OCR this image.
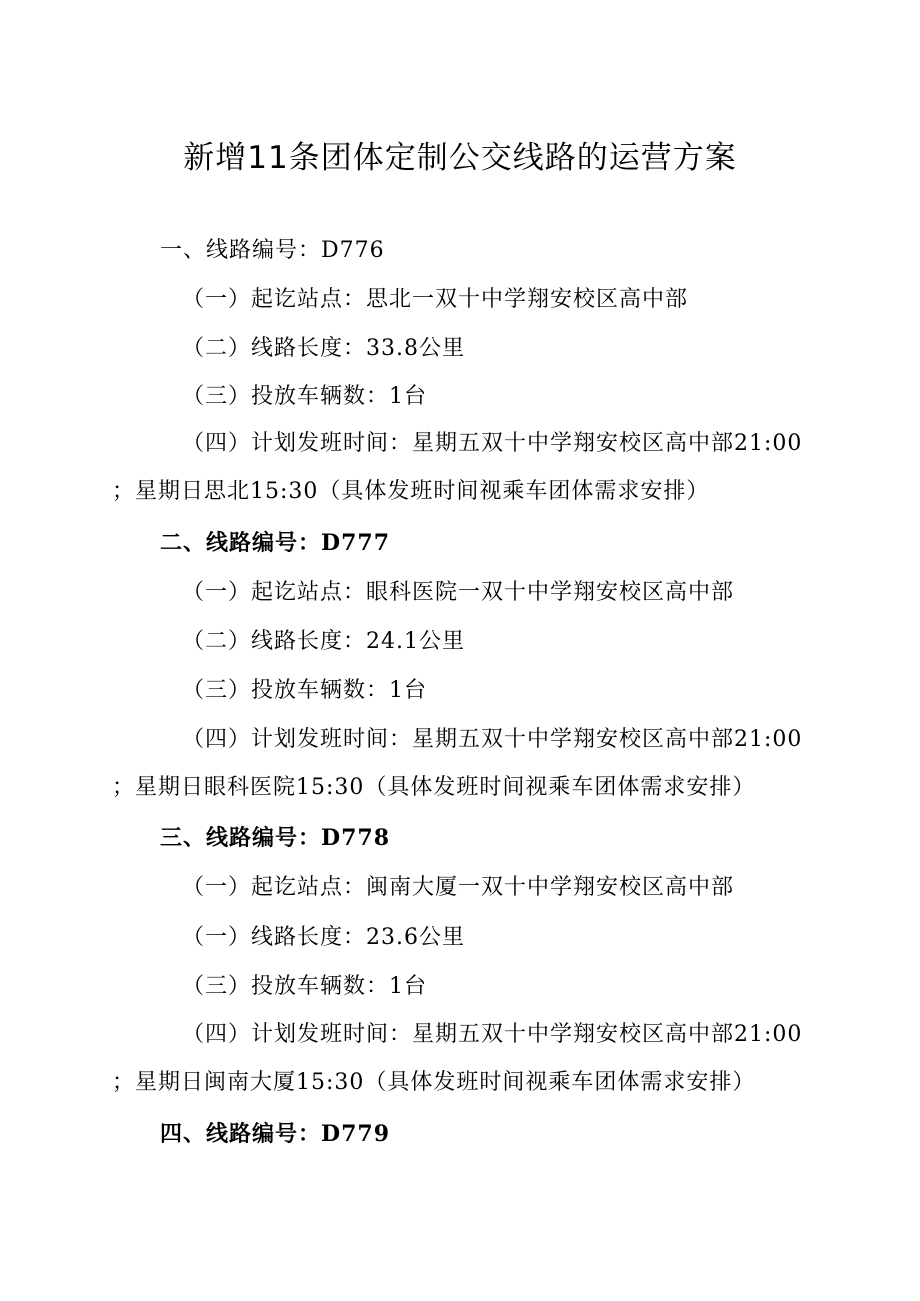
新增11条团体定制公交线路的运营方案

一、线路编号：D776

（一）起讫站点：思北一双十中学翔安校区高中部

（二）线路长度：33.8公里

（三）投放车辆数：1台

（四）计划发班时间：星期五双十中学翔安校区高中部21:00

；星期日思北15:30（具体发班时间视乘车团体需求安排）

二、线路编号：D777

（一）起讫站点：眼科医院一双十中学翔安校区高中部

（二）线路长度：24.1公里

（三）投放车辆数：1台

（四）计划发班时间：星期五双十中学翔安校区高中部21:00

；星期日眼科医院15:30（具体发班时间视乘车团体需求安排）

三、线路编号：D778

（一）起讫站点：闽南大厦一双十中学翔安校区高中部

（一）线路长度：23.6公里

（三）投放车辆数：1台

（四）计划发班时间：星期五双十中学翔安校区高中部21:00

；星期日闽南大厦15:30（具体发班时间视乘车团体需求安排）

四、线路编号：D779
